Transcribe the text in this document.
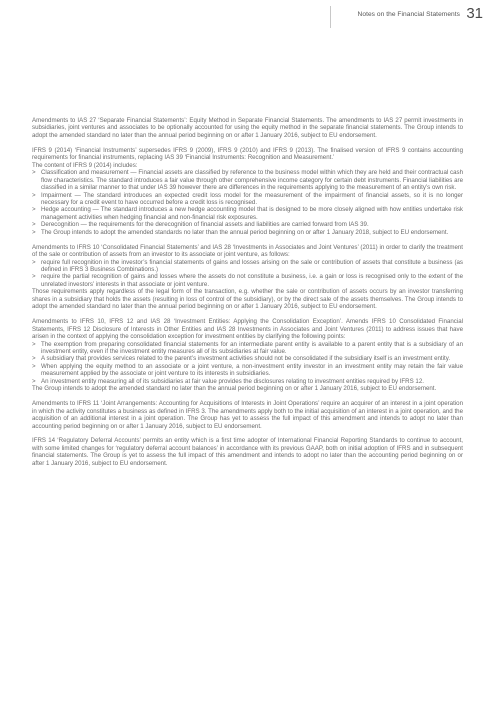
Notes on the Financial Statements 31

Amendments to IAS 27 ‘Separate Financial Statements’: Equity Method in Separate Financial Statements. The amendments to IAS 27 permit investments in subsidiaries, joint ventures and associates to be optionally accounted for using the equity method in the separate financial statements. The Group intends to adopt the amended standard no later than the annual period beginning on or after 1 January 2016, subject to EU endorsement.

IFRS 9 (2014) ‘Financial Instruments’ supersedes IFRS 9 (2009), IFRS 9 (2010) and IFRS 9 (2013). The finalised version of IFRS 9 contains accounting requirements for financial instruments, replacing IAS 39 ‘Financial Instruments: Recognition and Measurement.’

The content of IFRS 9 (2014) includes:

> Classification and measurement — Financial assets are classified by reference to the business model within which they are held and their contractual cash flow characteristics. The standard introduces a fair value through other comprehensive income category for certain debt instruments. Financial liabilities are classified in a similar manner to that under IAS 39 however there are differences in the requirements applying to the measurement of an entity’s own risk.
> Impairment — The standard introduces an expected credit loss model for the measurement of the impairment of financial assets, so it is no longer necessary for a credit event to have occurred before a credit loss is recognised.
> Hedge accounting — The standard introduces a new hedge accounting model that is designed to be more closely aligned with how entities undertake risk management activities when hedging financial and non-financial risk exposures.
> Derecognition — the requirements for the derecognition of financial assets and liabilities are carried forward from IAS 39.
> The Group intends to adopt the amended standards no later than the annual period beginning on or after 1 January 2018, subject to EU endorsement.

Amendments to IFRS 10 ‘Consolidated Financial Statements’ and IAS 28 ‘Investments in Associates and Joint Ventures’ (2011) in order to clarify the treatment of the sale or contribution of assets from an investor to its associate or joint venture, as follows:

> require full recognition in the investor’s financial statements of gains and losses arising on the sale or contribution of assets that constitute a business (as defined in IFRS 3 Business Combinations.)
> require the partial recognition of gains and losses where the assets do not constitute a business, i.e. a gain or loss is recognised only to the extent of the unrelated investors’ interests in that associate or joint venture.

Those requirements apply regardless of the legal form of the transaction, e.g. whether the sale or contribution of assets occurs by an investor transferring shares in a subsidiary that holds the assets (resulting in loss of control of the subsidiary), or by the direct sale of the assets themselves. The Group intends to adopt the amended standard no later than the annual period beginning on or after 1 January 2016, subject to EU endorsement.

Amendments to IFRS 10, IFRS 12 and IAS 28 ‘Investment Entities: Applying the Consolidation Exception’. Amends IFRS 10 Consolidated Financial Statements, IFRS 12 Disclosure of Interests in Other Entities and IAS 28 Investments in Associates and Joint Ventures (2011) to address issues that have arisen in the context of applying the consolidation exception for investment entities by clarifying the following points:

> The exemption from preparing consolidated financial statements for an intermediate parent entity is available to a parent entity that is a subsidiary of an investment entity, even if the investment entity measures all of its subsidiaries at fair value.
> A subsidiary that provides services related to the parent’s investment activities should not be consolidated if the subsidiary itself is an investment entity.
> When applying the equity method to an associate or a joint venture, a non-investment entity investor in an investment entity may retain the fair value measurement applied by the associate or joint venture to its interests in subsidiaries.
> An investment entity measuring all of its subsidiaries at fair value provides the disclosures relating to investment entities required by IFRS 12.

The Group intends to adopt the amended standard no later than the annual period beginning on or after 1 January 2016, subject to EU endorsement.

Amendments to IFRS 11 ‘Joint Arrangements: Accounting for Acquisitions of Interests in Joint Operations’ require an acquirer of an interest in a joint operation in which the activity constitutes a business as defined in IFRS 3. The amendments apply both to the initial acquisition of an interest in a joint operation, and the acquisition of an additional interest in a joint operation. The Group has yet to assess the full impact of this amendment and intends to adopt no later than accounting period beginning on or after 1 January 2016, subject to EU endorsement.

IFRS 14 ‘Regulatory Deferral Accounts’ permits an entity which is a first time adopter of International Financial Reporting Standards to continue to account, with some limited changes for ‘regulatory deferral account balances’ in accordance with its previous GAAP, both on initial adoption of IFRS and in subsequent financial statements. The Group is yet to assess the full impact of this amendment and intends to adopt no later than the accounting period beginning on or after 1 January 2016, subject to EU endorsement.
